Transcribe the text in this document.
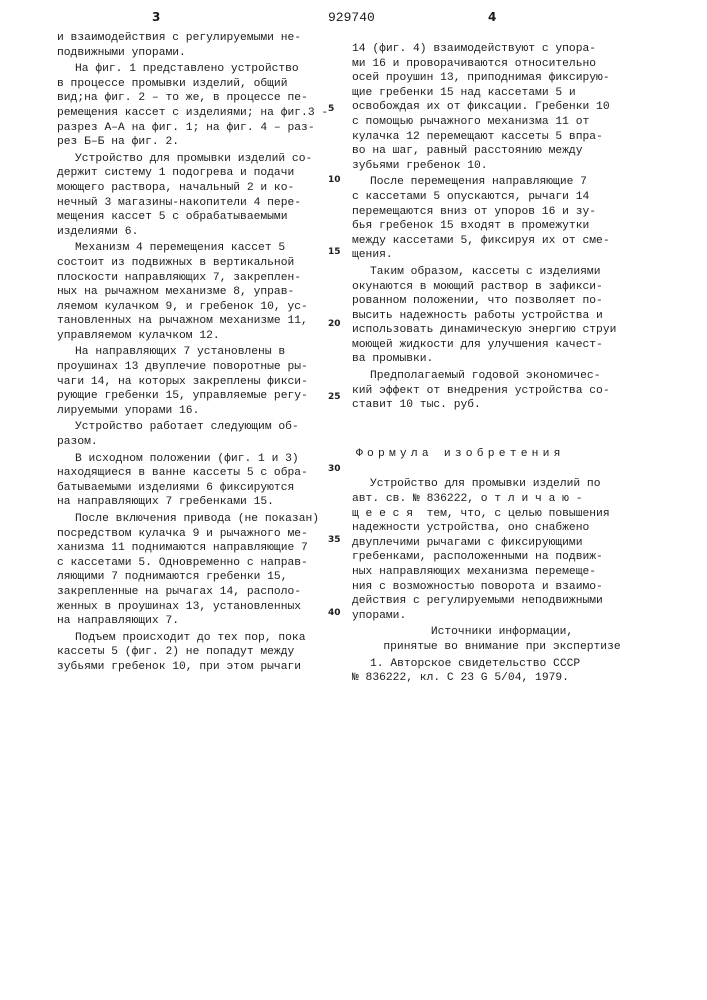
3	929740	4
и взаимодействия с регулируемыми не-
подвижными упорами.
На фиг. 1 представлено устройство
в процессе промывки изделий, общий
вид;на фиг. 2 – то же, в процессе пе-
ремещения кассет с изделиями; на фиг.3 -
разрез А–А на фиг. 1; на фиг. 4 – раз-
рез Б–Б на фиг. 2.
Устройство для промывки изделий со-
держит систему 1 подогрева и подачи
моющего раствора, начальный 2 и ко-
нечный 3 магазины-накопители 4 пере-
мещения кассет 5 с обрабатываемыми
изделиями 6.
Механизм 4 перемещения кассет 5
состоит из подвижных в вертикальной
плоскости направляющих 7, закреплен-
ных на рычажном механизме 8, управ-
ляемом кулачком 9, и гребенок 10, ус-
тановленных на рычажном механизме 11,
управляемом кулачком 12.
На направляющих 7 установлены в
проушинах 13 двуплечие поворотные ры-
чаги 14, на которых закреплены фикси-
рующие гребенки 15, управляемые регу-
лируемыми упорами 16.
Устройство работает следующим об-
разом.
В исходном положении (фиг. 1 и 3)
находящиеся в ванне кассеты 5 с обра-
батываемыми изделиями 6 фиксируются
на направляющих 7 гребенками 15.
После включения привода (не показан)
посредством кулачка 9 и рычажного ме-
ханизма 11 поднимаются направляющие 7
с кассетами 5. Одновременно с направ-
ляющими 7 поднимаются гребенки 15,
закрепленные на рычагах 14, располо-
женных в проушинах 13, установленных
на направляющих 7.
Подъем происходит до тех пор, пока
кассеты 5 (фиг. 2) не попадут между
зубьями гребенок 10, при этом рычаги
14 (фиг. 4) взаимодействуют с упора-
ми 16 и проворачиваются относительно
осей проушин 13, приподнимая фиксирую-
щие гребенки 15 над кассетами 5 и
освобождая их от фиксации. Гребенки 10
с помощью рычажного механизма 11 от
кулачка 12 перемещают кассеты 5 впра-
во на шаг, равный расстоянию между
зубьями гребенок 10.
После перемещения направляющие 7
с кассетами 5 опускаются, рычаги 14
перемещаются вниз от упоров 16 и зу-
бья гребенок 15 входят в промежутки
между кассетами 5, фиксируя их от сме-
щения.
Таким образом, кассеты с изделиями
окунаются в моющий раствор в зафикси-
рованном положении, что позволяет по-
высить надежность работы устройства и
использовать динамическую энергию струи
моющей жидкости для улучшения качест-
ва промывки.
Предполагаемый годовой экономичес-
кий эффект от внедрения устройства со-
ставит 10 тыс. руб.
Формула изобретения
Устройство для промывки изделий по
авт. св. № 836222, о т л и ч а ю -
щ е е с я  тем, что, с целью повышения
надежности устройства, оно снабжено
двуплечими рычагами с фиксирующими
гребенками, расположенными на подвиж-
ных направляющих механизма перемеще-
ния с возможностью поворота и взаимо-
действия с регулируемыми неподвижными
упорами.
Источники информации,
принятые во внимание при экспертизе
1. Авторское свидетельство СССР
№ 836222, кл. С 23 G 5/04, 1979.
5
10
15
20
25
30
35
40
